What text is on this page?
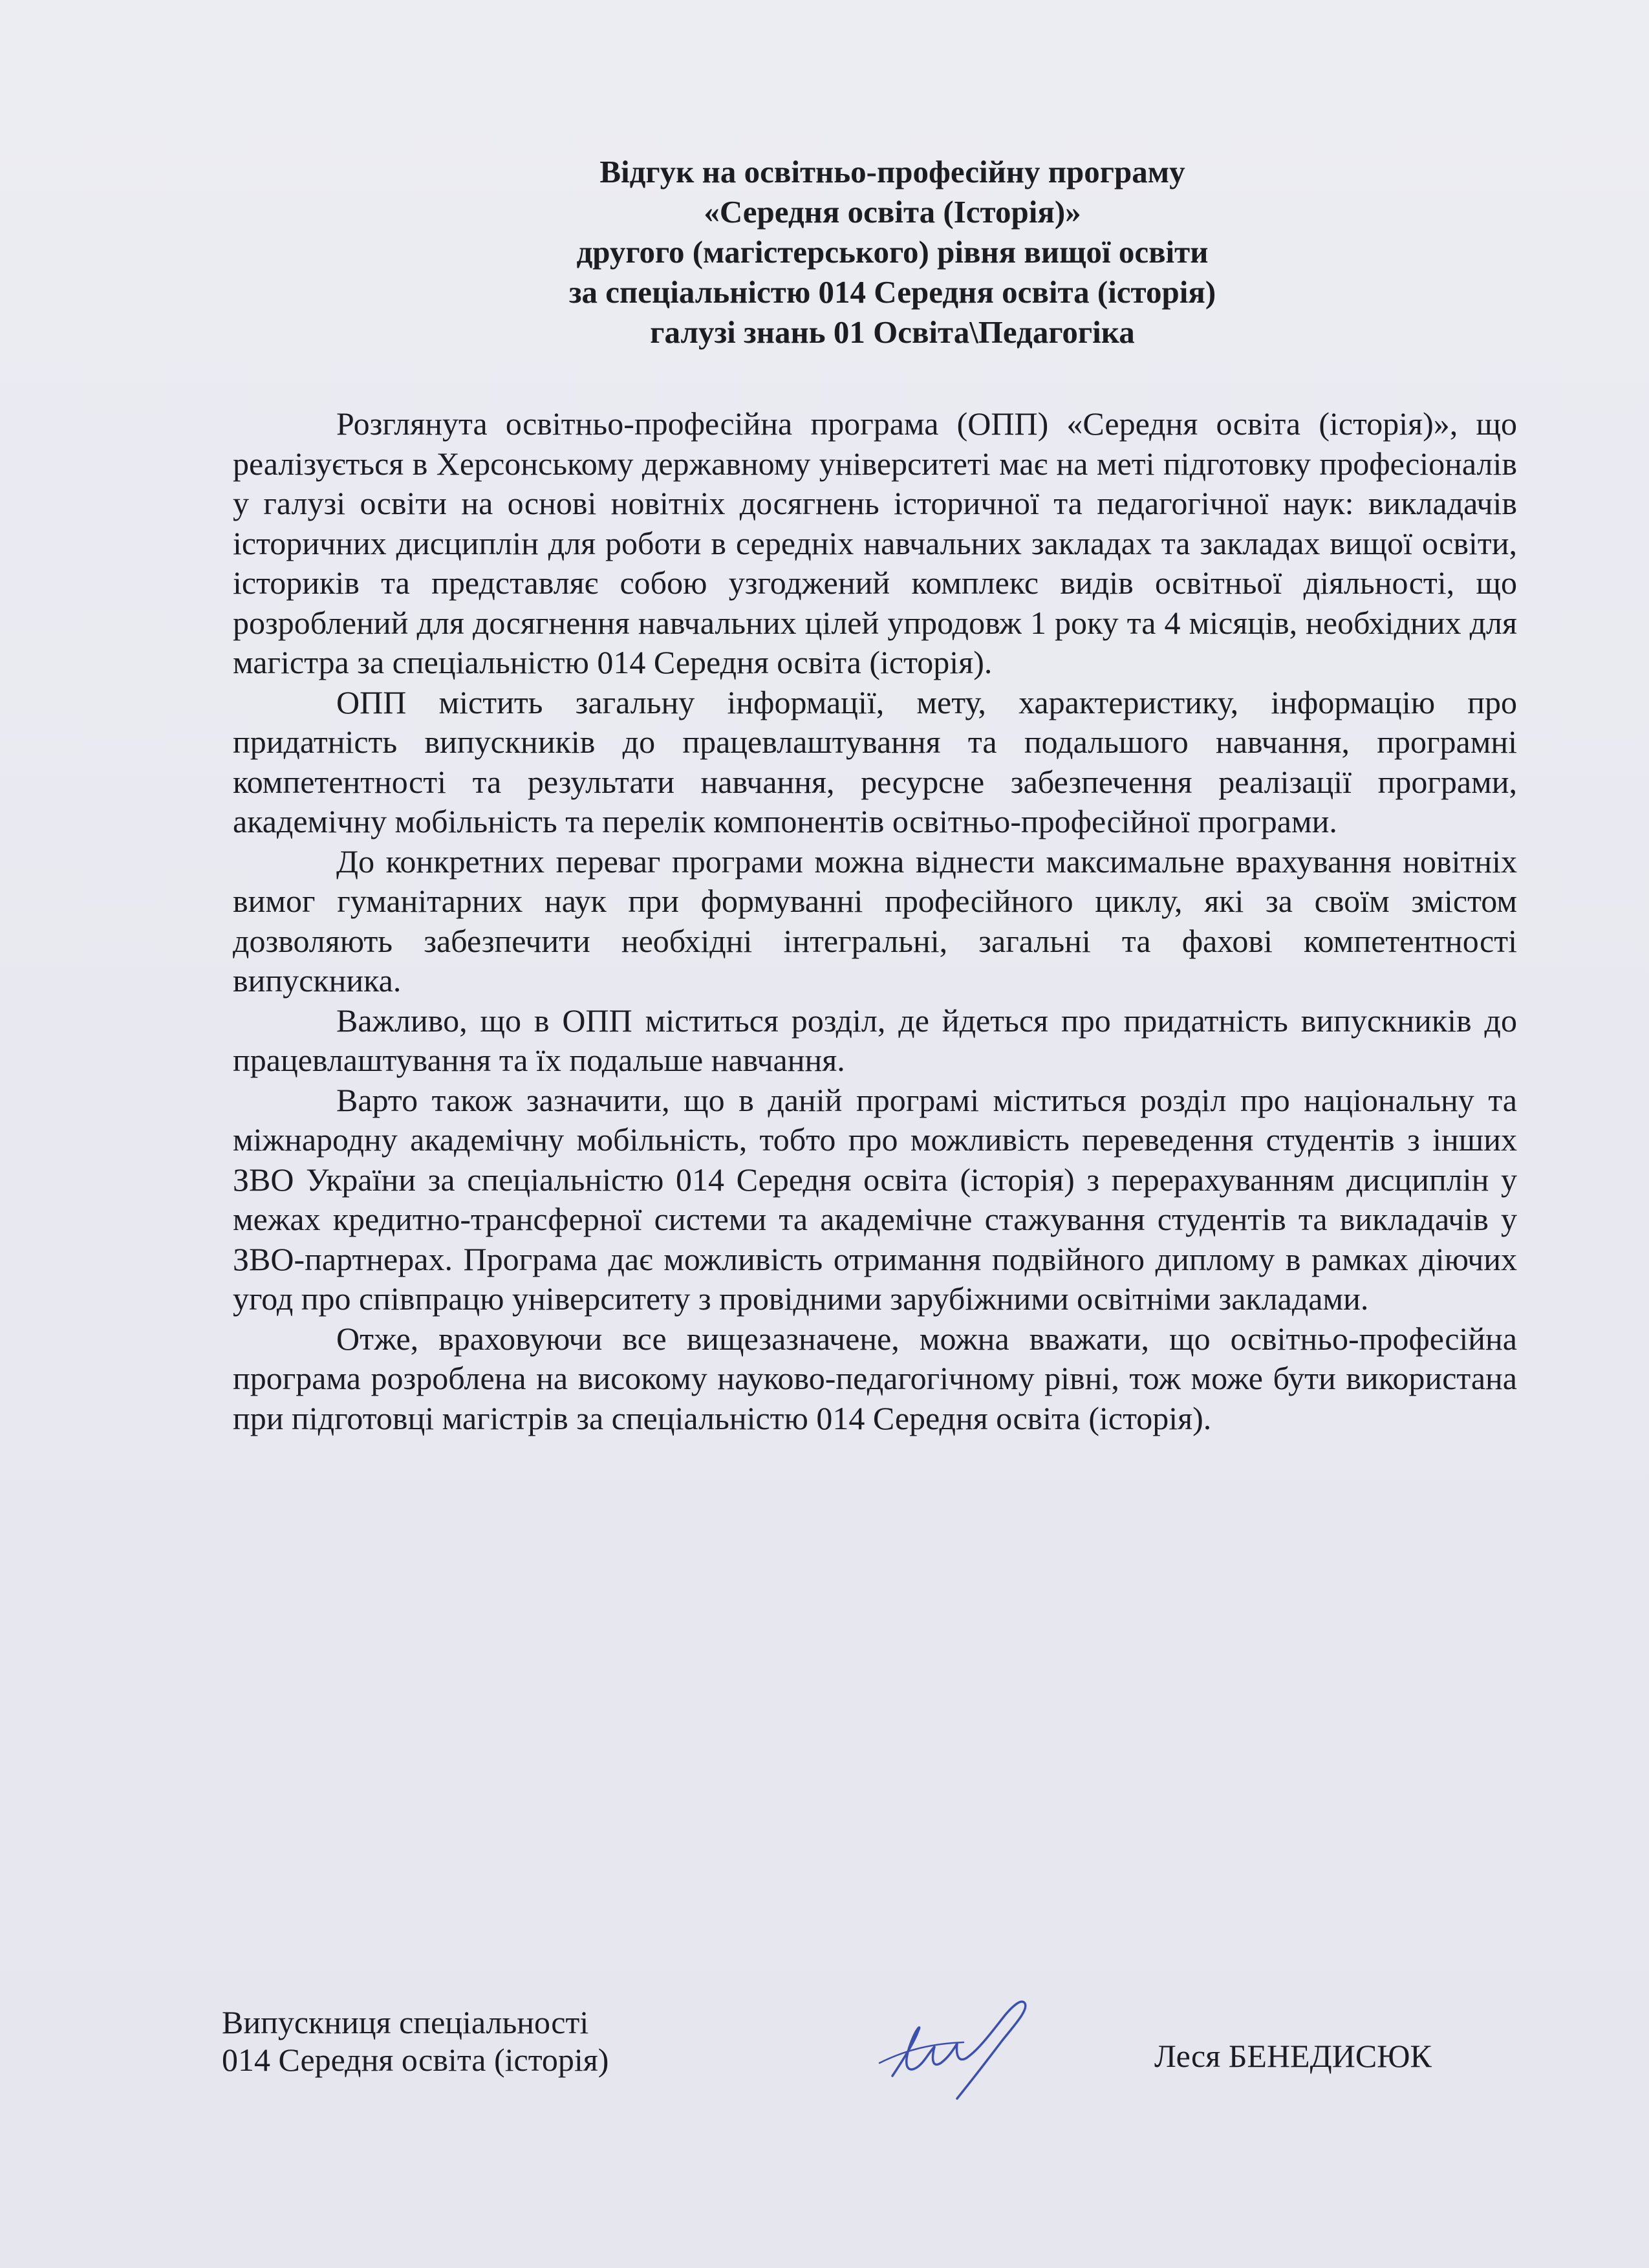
Відгук на освітньо-професійну програму
«Середня освіта (Історія)»
другого (магістерського) рівня вищої освіти
за спеціальністю 014 Середня освіта (історія)
галузі знань 01 Освіта\Педагогіка

Розглянута освітньо-професійна програма (ОПП) «Середня освіта (історія)», що реалізується в Херсонському державному університеті має на меті підготовку професіоналів у галузі освіти на основі новітніх досягнень історичної та педагогічної наук: викладачів історичних дисциплін для роботи в середніх навчальних закладах та закладах вищої освіти, істориків та представляє собою узгоджений комплекс видів освітньої діяльності, що розроблений для досягнення навчальних цілей упродовж 1 року та 4 місяців, необхідних для магістра за спеціальністю 014 Середня освіта (історія).

ОПП містить загальну інформації, мету, характеристику, інформацію про придатність випускників до працевлаштування та подальшого навчання, програмні компетентності та результати навчання, ресурсне забезпечення реалізації програми, академічну мобільність та перелік компонентів освітньо-професійної програми.

До конкретних переваг програми можна віднести максимальне врахування новітніх вимог гуманітарних наук при формуванні професійного циклу, які за своїм змістом дозволяють забезпечити необхідні інтегральні, загальні та фахові компетентності випускника.

Важливо, що в ОПП міститься розділ, де йдеться про придатність випускників до працевлаштування та їх подальше навчання.

Варто також зазначити, що в даній програмі міститься розділ про національну та міжнародну академічну мобільність, тобто про можливість переведення студентів з інших ЗВО України за спеціальністю 014 Середня освіта (історія) з перерахуванням дисциплін у межах кредитно-трансферної системи та академічне стажування студентів та викладачів у ЗВО-партнерах. Програма дає можливість отримання подвійного диплому в рамках діючих угод про співпрацю університету з провідними зарубіжними освітніми закладами.

Отже, враховуючи все вищезазначене, можна вважати, що освітньо-професійна програма розроблена на високому науково-педагогічному рівні, тож може бути використана при підготовці магістрів за спеціальністю 014 Середня освіта (історія).

Випускниця спеціальності
014 Середня освіта (історія)	Леся БЕНЕДИСЮК
